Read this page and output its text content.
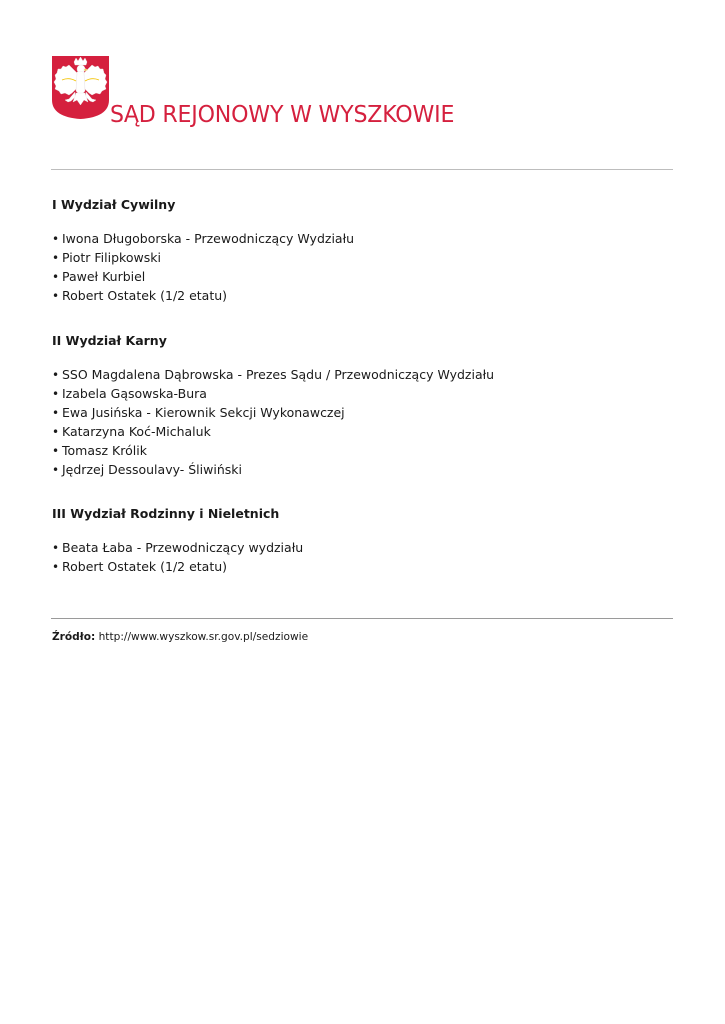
SĄD REJONOWY W WYSZKOWIE
I Wydział Cywilny
• Iwona Długoborska - Przewodniczący Wydziału
• Piotr Filipkowski
• Paweł Kurbiel
• Robert Ostatek (1/2 etatu)
II Wydział Karny
• SSO Magdalena Dąbrowska - Prezes Sądu / Przewodniczący Wydziału
• Izabela Gąsowska-Bura
• Ewa Jusińska - Kierownik Sekcji Wykonawczej
• Katarzyna Koć-Michaluk
• Tomasz Królik
• Jędrzej Dessoulavy- Śliwiński
III Wydział Rodzinny i Nieletnich
• Beata Łaba - Przewodniczący wydziału
• Robert Ostatek (1/2 etatu)
Źródło: http://www.wyszkow.sr.gov.pl/sedziowie
